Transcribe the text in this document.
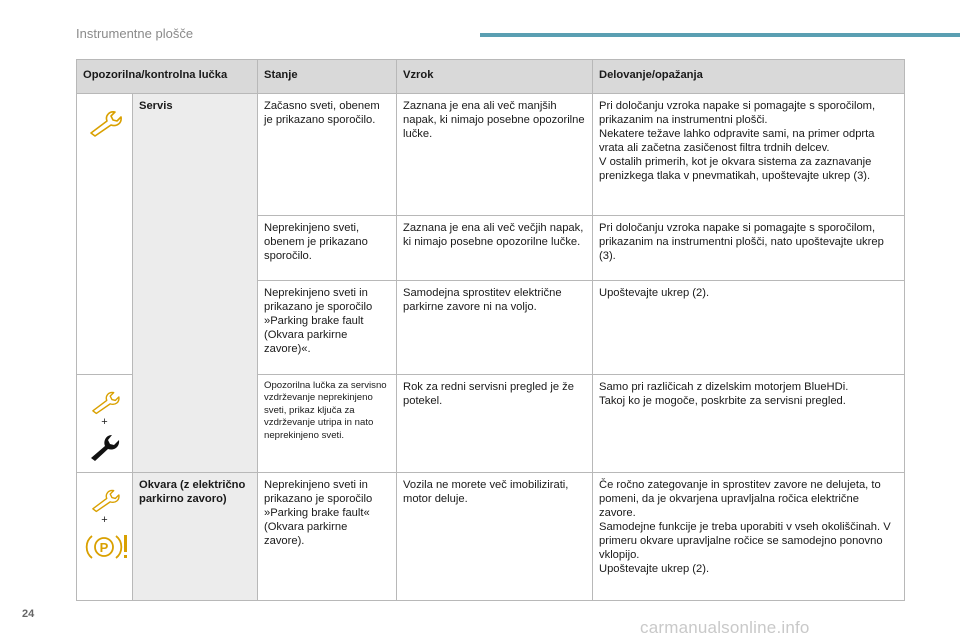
Instrumentne plošče
Opozorilna/kontrolna lučka		Stanje	Vzrok	Delovanje/opažanja

	Servis	Začasno sveti, obenem je prikazano sporočilo.	Zaznana je ena ali več manjših napak, ki nimajo posebne opozorilne lučke.	Pri določanju vzroka napake si pomagajte s sporočilom, prikazanim na instrumentni plošči.
Nekatere težave lahko odpravite sami, na primer odprta vrata ali začetna zasičenost filtra trdnih delcev.
V ostalih primerih, kot je okvara sistema za zaznavanje prenizkega tlaka v pnevmatikah, upoštevajte ukrep (3).
		Neprekinjeno sveti, obenem je prikazano sporočilo.	Zaznana je ena ali več večjih napak, ki nimajo posebne opozorilne lučke.	Pri določanju vzroka napake si pomagajte s sporočilom, prikazanim na instrumentni plošči, nato upoštevajte ukrep (3).
		Neprekinjeno sveti in prikazano je sporočilo »Parking brake fault (Okvara parkirne zavore)«.	Samodejna sprostitev električne parkirne zavore ni na voljo.	Upoštevajte ukrep (2).

+		Opozorilna lučka za servisno vzdrževanje neprekinjeno sveti, prikaz ključa za vzdrževanje utripa in nato neprekinjeno sveti.	Rok za redni servisni pregled je že potekel.	Samo pri različicah z dizelskim motorjem BlueHDi.
Takoj ko je mogoče, poskrbite za servisni pregled.

+
P	Okvara (z električno parkirno zavoro)	Neprekinjeno sveti in prikazano je sporočilo »Parking brake fault« (Okvara parkirne zavore).	Vozila ne morete več imobilizirati, motor deluje.	Če ročno zategovanje in sprostitev zavore ne delujeta, to pomeni, da je okvarjena upravljalna ročica električne zavore.
Samodejne funkcije je treba uporabiti v vseh okoliščinah. V primeru okvare upravljalne ročice se samodejno ponovno vklopijo.
Upoštevajte ukrep (2).
24
carmanualsonline.info
